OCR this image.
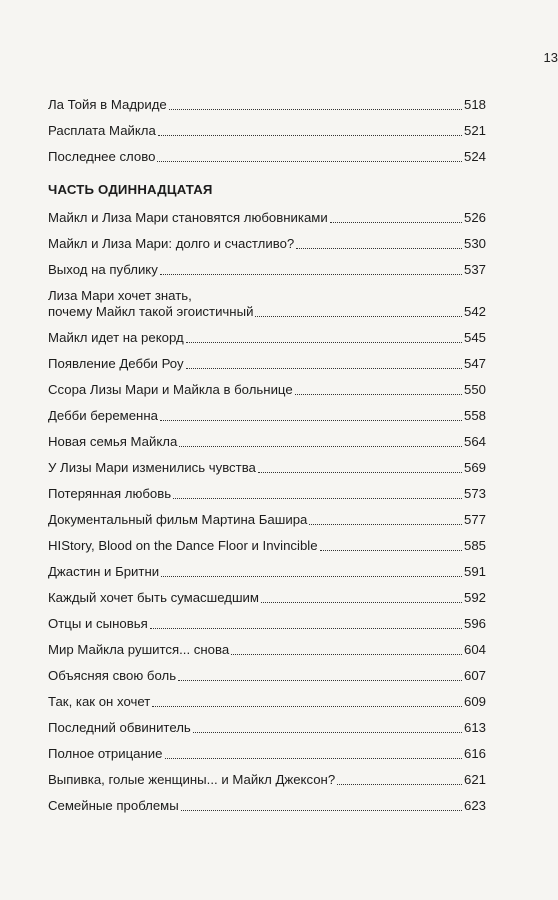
13
Ла Тойя в Мадриде	518
Расплата Майкла	521
Последнее слово	524
ЧАСТЬ ОДИННАДЦАТАЯ
Майкл и Лиза Мари становятся любовниками	526
Майкл и Лиза Мари: долго и счастливо?	530
Выход на публику	537
Лиза Мари хочет знать,
почему Майкл такой эгоистичный	542
Майкл идет на рекорд	545
Появление Дебби Роу	547
Ссора Лизы Мари и Майкла в больнице	550
Дебби беременна	558
Новая семья Майкла	564
У Лизы Мари изменились чувства	569
Потерянная любовь	573
Документальный фильм Мартина Башира	577
HIStory, Blood on the Dance Floor и Invincible	585
Джастин и Бритни	591
Каждый хочет быть сумасшедшим	592
Отцы и сыновья	596
Мир Майкла рушится... снова	604
Объясняя свою боль	607
Так, как он хочет	609
Последний обвинитель	613
Полное отрицание	616
Выпивка, голые женщины... и Майкл Джексон?	621
Семейные проблемы	623
